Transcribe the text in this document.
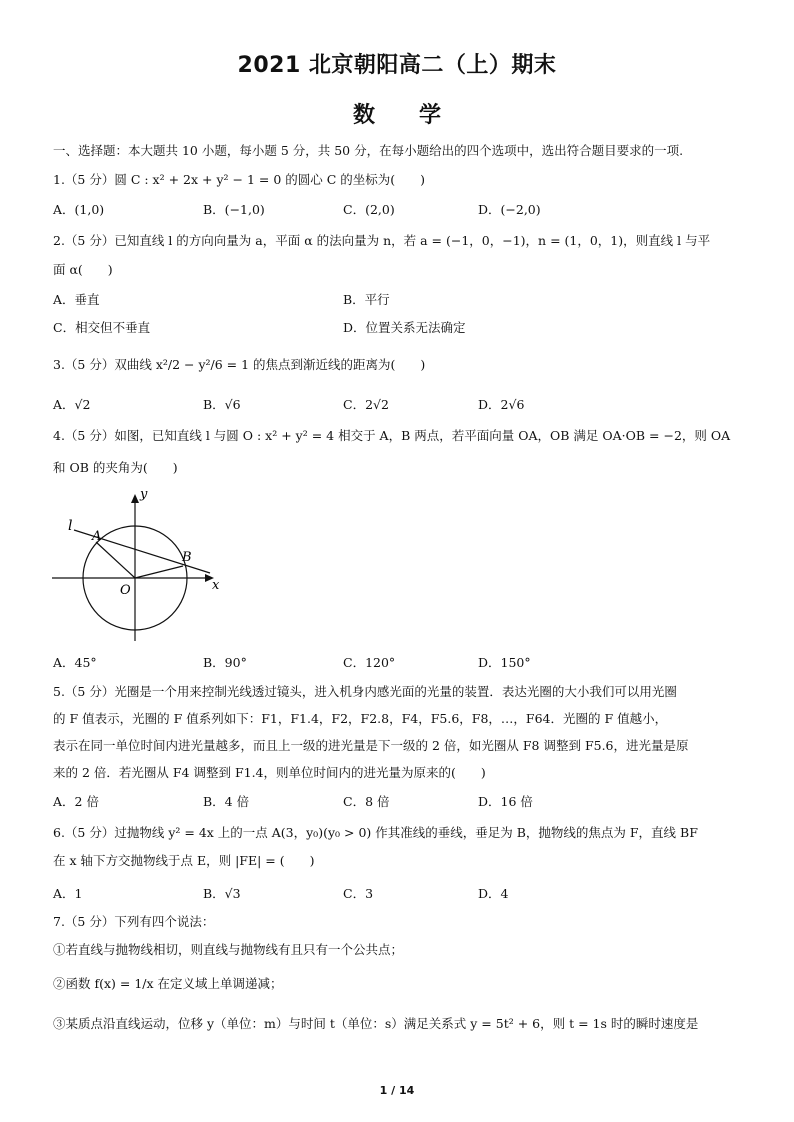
2021 北京朝阳高二（上）期末
数　　学
一、选择题：本大题共 10 小题，每小题 5 分，共 50 分，在每小题给出的四个选项中，选出符合题目要求的一项.
1.（5 分）圆 C : x² + 2x + y² − 1 = 0 的圆心 C 的坐标为(　　)
A．(1,0)	B．(−1,0)	C．(2,0)	D．(−2,0)
2.（5 分）已知直线 l 的方向向量为 a，平面 α 的法向量为 n，若 a = (−1，0，−1)，n = (1，0，1)，则直线 l 与平
面 α(　　)
A．垂直	B．平行
C．相交但不垂直	D．位置关系无法确定
3.（5 分）双曲线 x²/2 − y²/6 = 1 的焦点到渐近线的距离为(　　)
A．√2	B．√6	C．2√2	D．2√6
4.（5 分）如图，已知直线 l 与圆 O : x² + y² = 4 相交于 A，B 两点，若平面向量 OA，OB 满足 OA·OB = −2，则 OA
和 OB 的夹角为(　　)
l
A
B
O	x
y
A．45°	B．90°	C．120°	D．150°
5.（5 分）光圈是一个用来控制光线透过镜头，进入机身内感光面的光量的装置．表达光圈的大小我们可以用光圈
的 F 值表示，光圈的 F 值系列如下：F1，F1.4，F2，F2.8，F4，F5.6，F8，…，F64．光圈的 F 值越小，
表示在同一单位时间内进光量越多，而且上一级的进光量是下一级的 2 倍，如光圈从 F8 调整到 F5.6，进光量是原
来的 2 倍．若光圈从 F4 调整到 F1.4，则单位时间内的进光量为原来的(　　)
A．2 倍	B．4 倍	C．8 倍	D．16 倍
6.（5 分）过抛物线 y² = 4x 上的一点 A(3，y₀)(y₀ > 0) 作其准线的垂线，垂足为 B，抛物线的焦点为 F，直线 BF
在 x 轴下方交抛物线于点 E，则 |FE| = (　　)
A．1	B．√3	C．3	D．4
7.（5 分）下列有四个说法：
①若直线与抛物线相切，则直线与抛物线有且只有一个公共点；
②函数 f(x) = 1/x 在定义域上单调递减；
③某质点沿直线运动，位移 y（单位：m）与时间 t（单位：s）满足关系式 y = 5t² + 6，则 t = 1s 时的瞬时速度是
1 / 14
